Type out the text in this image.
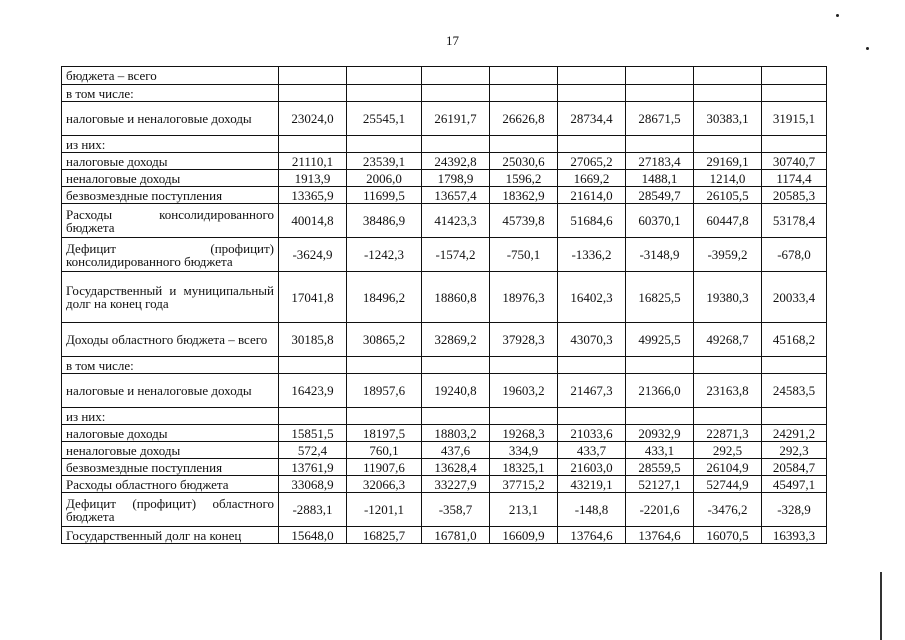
17
бюджета – всего								
в том числе:								
налоговые и неналоговые доходы	23024,0	25545,1	26191,7	26626,8	28734,4	28671,5	30383,1	31915,1
из них:								
налоговые доходы	21110,1	23539,1	24392,8	25030,6	27065,2	27183,4	29169,1	30740,7
неналоговые доходы	1913,9	2006,0	1798,9	1596,2	1669,2	1488,1	1214,0	1174,4
безвозмездные поступления	13365,9	11699,5	13657,4	18362,9	21614,0	28549,7	26105,5	20585,3
Расходы консолидированного бюджета	40014,8	38486,9	41423,3	45739,8	51684,6	60370,1	60447,8	53178,4
Дефицит (профицит) консолидированного бюджета	-3624,9	-1242,3	-1574,2	-750,1	-1336,2	-3148,9	-3959,2	-678,0
Государственный и муниципальный долг на конец года	17041,8	18496,2	18860,8	18976,3	16402,3	16825,5	19380,3	20033,4
Доходы областного бюджета – всего	30185,8	30865,2	32869,2	37928,3	43070,3	49925,5	49268,7	45168,2
в том числе:								
налоговые и неналоговые доходы	16423,9	18957,6	19240,8	19603,2	21467,3	21366,0	23163,8	24583,5
из них:								
налоговые доходы	15851,5	18197,5	18803,2	19268,3	21033,6	20932,9	22871,3	24291,2
неналоговые доходы	572,4	760,1	437,6	334,9	433,7	433,1	292,5	292,3
безвозмездные поступления	13761,9	11907,6	13628,4	18325,1	21603,0	28559,5	26104,9	20584,7
Расходы областного бюджета	33068,9	32066,3	33227,9	37715,2	43219,1	52127,1	52744,9	45497,1
Дефицит (профицит) областного бюджета	-2883,1	-1201,1	-358,7	213,1	-148,8	-2201,6	-3476,2	-328,9
Государственный долг на конец	15648,0	16825,7	16781,0	16609,9	13764,6	13764,6	16070,5	16393,3
